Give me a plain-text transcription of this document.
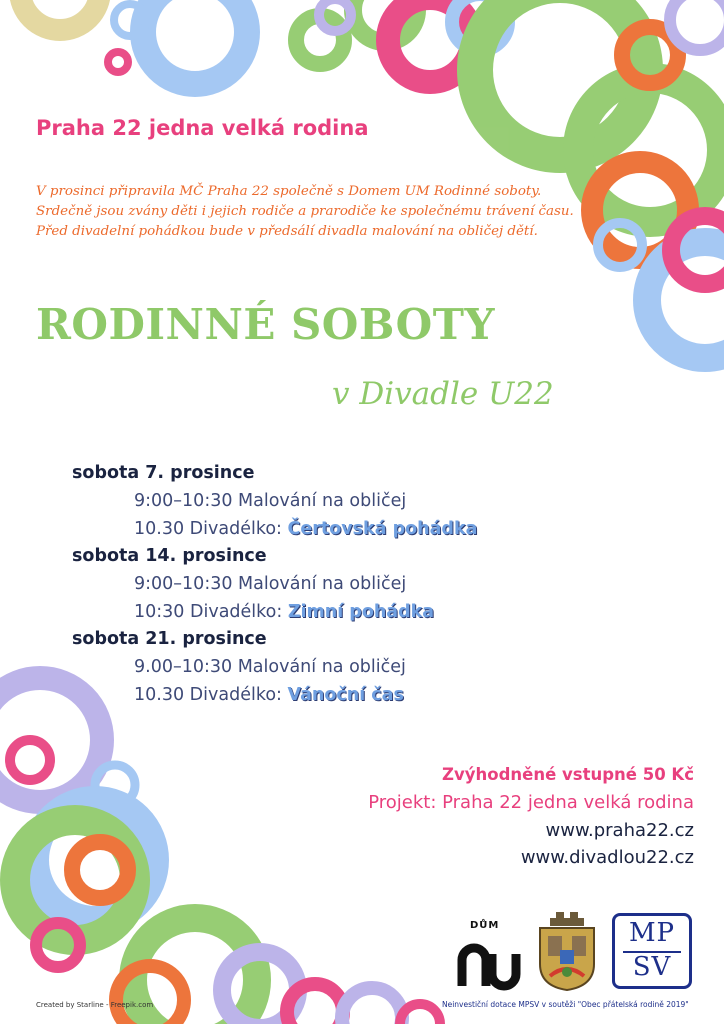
Praha 22 jedna velká rodina
V prosinci připravila MČ Praha 22 společně s Domem UM Rodinné soboty.
Srdečně jsou zvány děti i jejich rodiče a prarodiče ke společnému trávení času.
Před divadelní pohádkou bude v předsálí divadla malování na obličej dětí.
RODINNÉ SOBOTY
v Divadle U22
sobota 7. prosince
9:00–10:30 Malování na obličej
10.30 Divadélko: Čertovská pohádka
sobota 14. prosince
9:00–10:30 Malování na obličej
10:30 Divadélko: Zimní pohádka
sobota 21. prosince
9.00–10:30 Malování na obličej
10.30 Divadélko: Vánoční čas
Zvýhodněné vstupné 50 Kč
Projekt: Praha 22 jedna velká rodina
www.praha22.cz
www.divadlou22.cz
DŮM	MP
SV
Neinvestiční dotace MPSV v soutěži "Obec přátelská rodině 2019"
Created by Starline - Freepik.com
